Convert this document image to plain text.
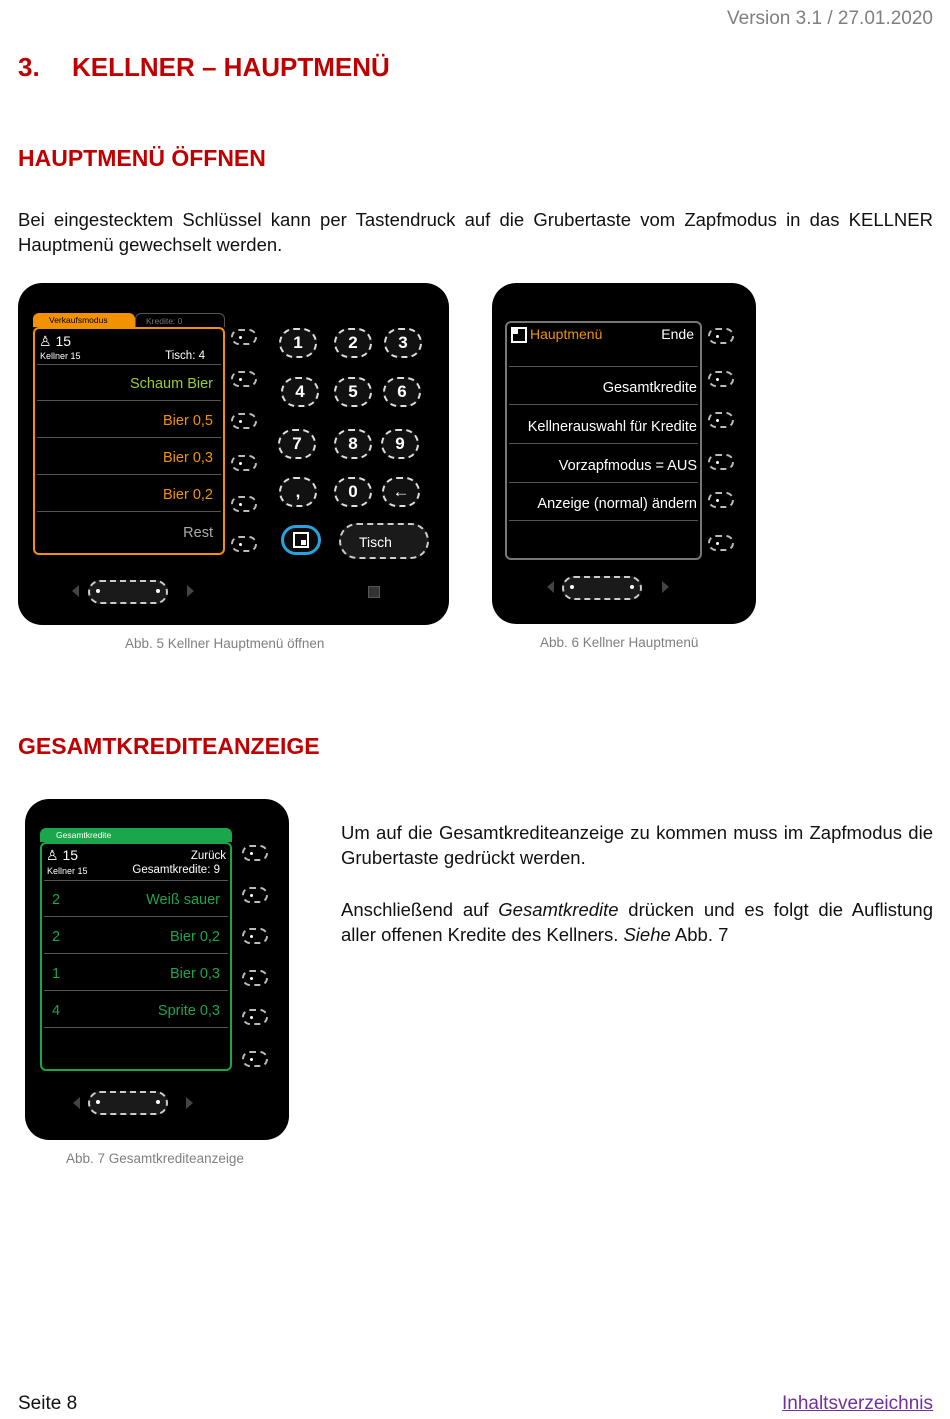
Version 3.1 / 27.01.2020
3. KELLNER – HAUPTMENÜ
HAUPTMENÜ ÖFFNEN
Bei eingestecktem Schlüssel kann per Tastendruck auf die Grubertaste vom Zapfmodus in das KELLNER Hauptmenü gewechselt werden.
Verkaufsmodus	Kredite: 0
♙ 15
Kellner 15	Tisch: 4
Schaum Bier
Bier 0,5
Bier 0,3
Bier 0,2
Rest
1	2	3
4	5	6
7	8	9
,	0	←
Tisch
Abb. 5 Kellner Hauptmenü öffnen
Hauptmenü	Ende
Gesamtkredite
Kellnerauswahl für Kredite
Vorzapfmodus = AUS
Anzeige (normal) ändern
Abb. 6 Kellner Hauptmenü
GESAMTKREDITEANZEIGE
Gesamtkredite
♙ 15
Kellner 15
Zurück
Gesamtkredite: 9
2	Weiß sauer
2	Bier 0,2
1	Bier 0,3
4	Sprite 0,3
Abb. 7 Gesamtkrediteanzeige
Um auf die Gesamtkrediteanzeige zu kommen muss im Zapfmodus die Grubertaste gedrückt werden.
Anschließend auf Gesamtkredite drücken und es folgt die Auflistung aller offenen Kredite des Kellners. Siehe Abb. 7
Seite 8	Inhaltsverzeichnis
